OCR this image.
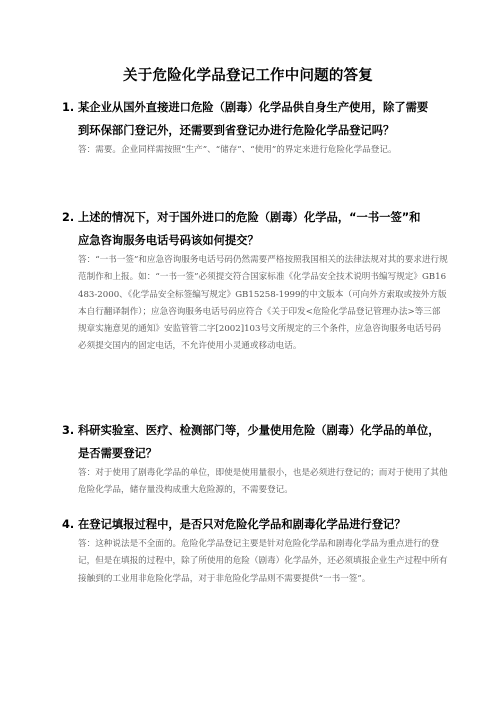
关于危险化学品登记工作中问题的答复
1. 某企业从国外直接进口危险（剧毒）化学品供自身生产使用，除了需要
到环保部门登记外，还需要到省登记办进行危险化学品登记吗？
答：需要。企业同样需按照“生产”、“储存”、“使用”的界定来进行危险化学品登记。
2. 上述的情况下，对于国外进口的危险（剧毒）化学品，“一书一签”和
应急咨询服务电话号码该如何提交？
答：“一书一签”和应急咨询服务电话号码仍然需要严格按照我国相关的法律法规对其的要求进行规范制作和上报。如：“一书一签”必须提交符合国家标准《化学品安全技术说明书编写规定》GB16483-2000、《化学品安全标签编写规定》GB15258-1999的中文版本（可向外方索取或按外方版本自行翻译制作）；应急咨询服务电话号码应符合《关于印发<危险化学品登记管理办法>等三部规章实施意见的通知》安监管管二字[2002]103号文所规定的三个条件，应急咨询服务电话号码必须提交国内的固定电话，不允许使用小灵通或移动电话。
3. 科研实验室、医疗、检测部门等，少量使用危险（剧毒）化学品的单位，
是否需要登记？
答：对于使用了剧毒化学品的单位，即使是使用量很小，也是必须进行登记的；而对于使用了其他危险化学品，储存量没构成重大危险源的，不需要登记。
4. 在登记填报过程中，是否只对危险化学品和剧毒化学品进行登记？
答：这种说法是不全面的。危险化学品登记主要是针对危险化学品和剧毒化学品为重点进行的登记，但是在填报的过程中，除了所使用的危险（剧毒）化学品外，还必须填报企业生产过程中所有接触到的工业用非危险化学品，对于非危险化学品则不需要提供“一书一签”。
